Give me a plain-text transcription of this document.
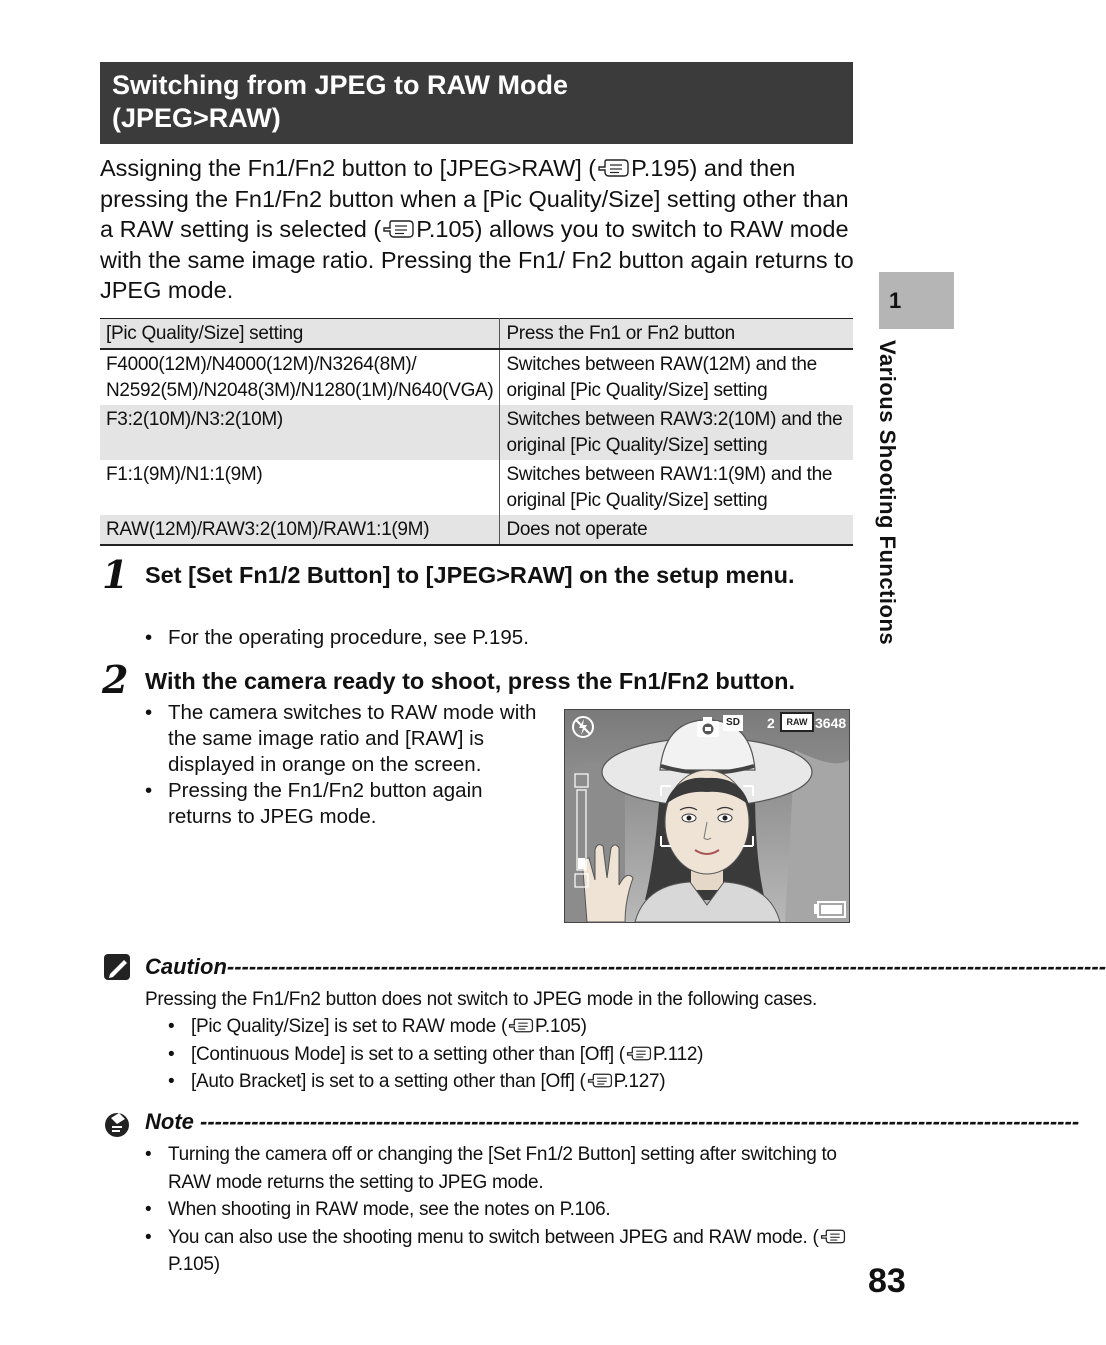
Switching from JPEG to RAW Mode
(JPEG>RAW)
Assigning the Fn1/Fn2 button to [JPEG>RAW] ( P.195) and then pressing the Fn1/Fn2 button when a [Pic Quality/Size] setting other than a RAW setting is selected ( P.105) allows you to switch to RAW mode with the same image ratio. Pressing the Fn1/ Fn2 button again returns to JPEG mode.
[Pic Quality/Size] setting	Press the Fn1 or Fn2 button
F4000(12M)/N4000(12M)/N3264(8M)/ N2592(5M)/N2048(3M)/N1280(1M)/N640(VGA)	Switches between RAW(12M) and the original [Pic Quality/Size] setting
F3:2(10M)/N3:2(10M)	Switches between RAW3:2(10M) and the original [Pic Quality/Size] setting
F1:1(9M)/N1:1(9M)	Switches between RAW1:1(9M) and the original [Pic Quality/Size] setting
RAW(12M)/RAW3:2(10M)/RAW1:1(9M)	Does not operate
1 Set [Set Fn1/2 Button] to [JPEG>RAW] on the setup menu.
• For the operating procedure, see P.195.
2 With the camera ready to shoot, press the Fn1/Fn2 button.
• The camera switches to RAW mode with the same image ratio and [RAW] is displayed in orange on the screen.
• Pressing the Fn1/Fn2 button again returns to JPEG mode.
SD 2	RAW 3648
Caution------------------------------------------------------------------------------------------------------------------------
Pressing the Fn1/Fn2 button does not switch to JPEG mode in the following cases.
• [Pic Quality/Size] is set to RAW mode ( P.105)
• [Continuous Mode] is set to a setting other than [Off] ( P.112)
• [Auto Bracket] is set to a setting other than [Off] ( P.127)
Note ------------------------------------------------------------------------------------------------------------------------
• Turning the camera off or changing the [Set Fn1/2 Button] setting after switching to RAW mode returns the setting to JPEG mode.
• When shooting in RAW mode, see the notes on P.106.
• You can also use the shooting menu to switch between JPEG and RAW mode. (P.105)
1
Various Shooting Functions
83
